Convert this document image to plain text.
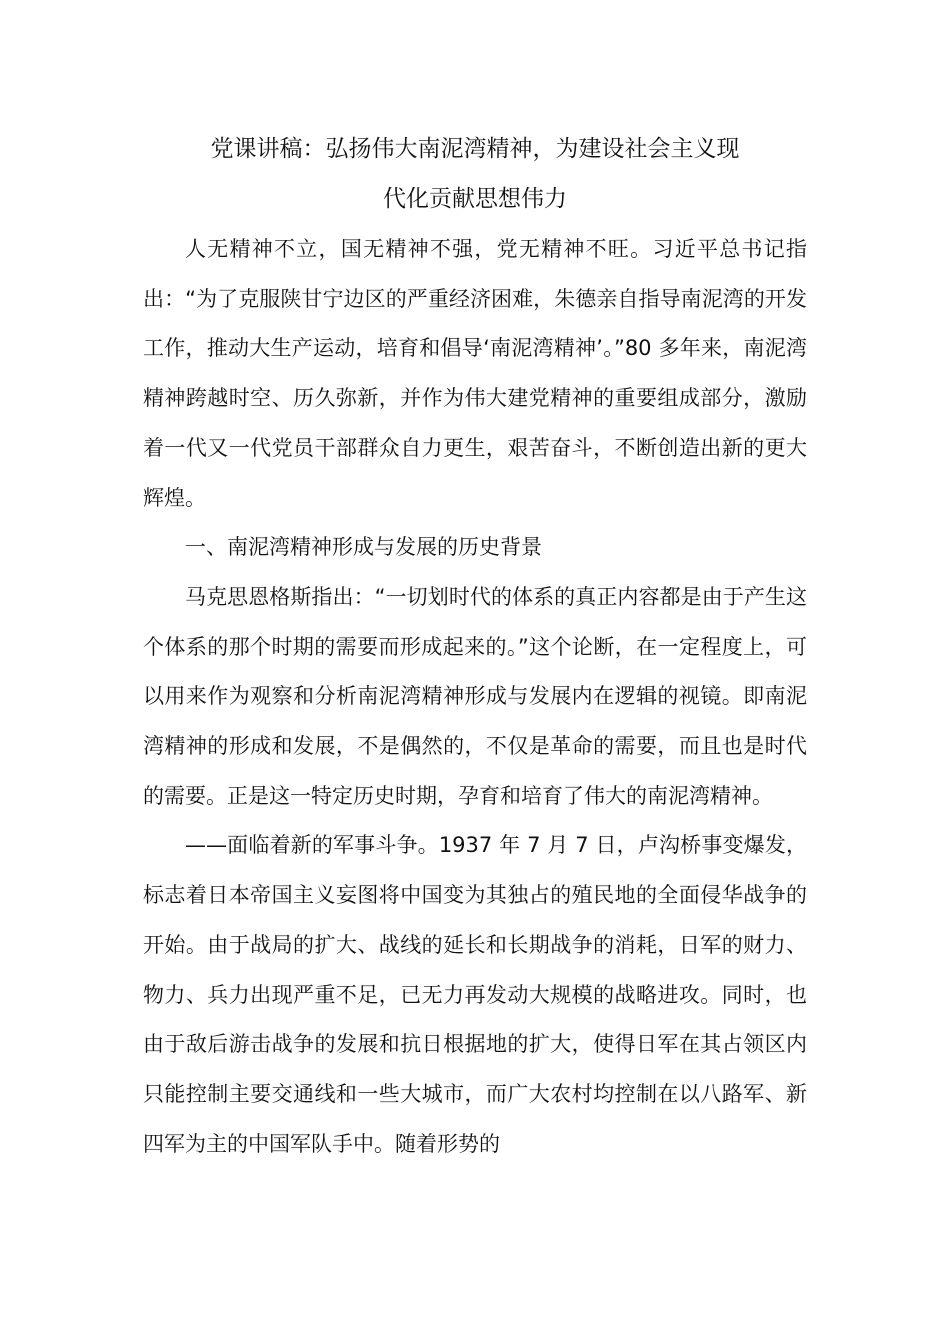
党课讲稿：弘扬伟大南泥湾精神，为建设社会主义现
代化贡献思想伟力

人无精神不立，国无精神不强，党无精神不旺。习近平总书记指出：“为了克服陕甘宁边区的严重经济困难，朱德亲自指导南泥湾的开发工作，推动大生产运动，培育和倡导‘南泥湾精神’。”80 多年来，南泥湾精神跨越时空、历久弥新，并作为伟大建党精神的重要组成部分，激励着一代又一代党员干部群众自力更生，艰苦奋斗，不断创造出新的更大辉煌。

一、南泥湾精神形成与发展的历史背景

马克思恩格斯指出：“一切划时代的体系的真正内容都是由于产生这个体系的那个时期的需要而形成起来的。”这个论断，在一定程度上，可以用来作为观察和分析南泥湾精神形成与发展内在逻辑的视镜。即南泥湾精神的形成和发展，不是偶然的，不仅是革命的需要，而且也是时代的需要。正是这一特定历史时期，孕育和培育了伟大的南泥湾精神。

——面临着新的军事斗争。1937 年 7 月 7 日，卢沟桥事变爆发，标志着日本帝国主义妄图将中国变为其独占的殖民地的全面侵华战争的开始。由于战局的扩大、战线的延长和长期战争的消耗，日军的财力、物力、兵力出现严重不足，已无力再发动大规模的战略进攻。同时，也由于敌后游击战争的发展和抗日根据地的扩大，使得日军在其占领区内只能控制主要交通线和一些大城市，而广大农村均控制在以八路军、新四军为主的中国军队手中。随着形势的
